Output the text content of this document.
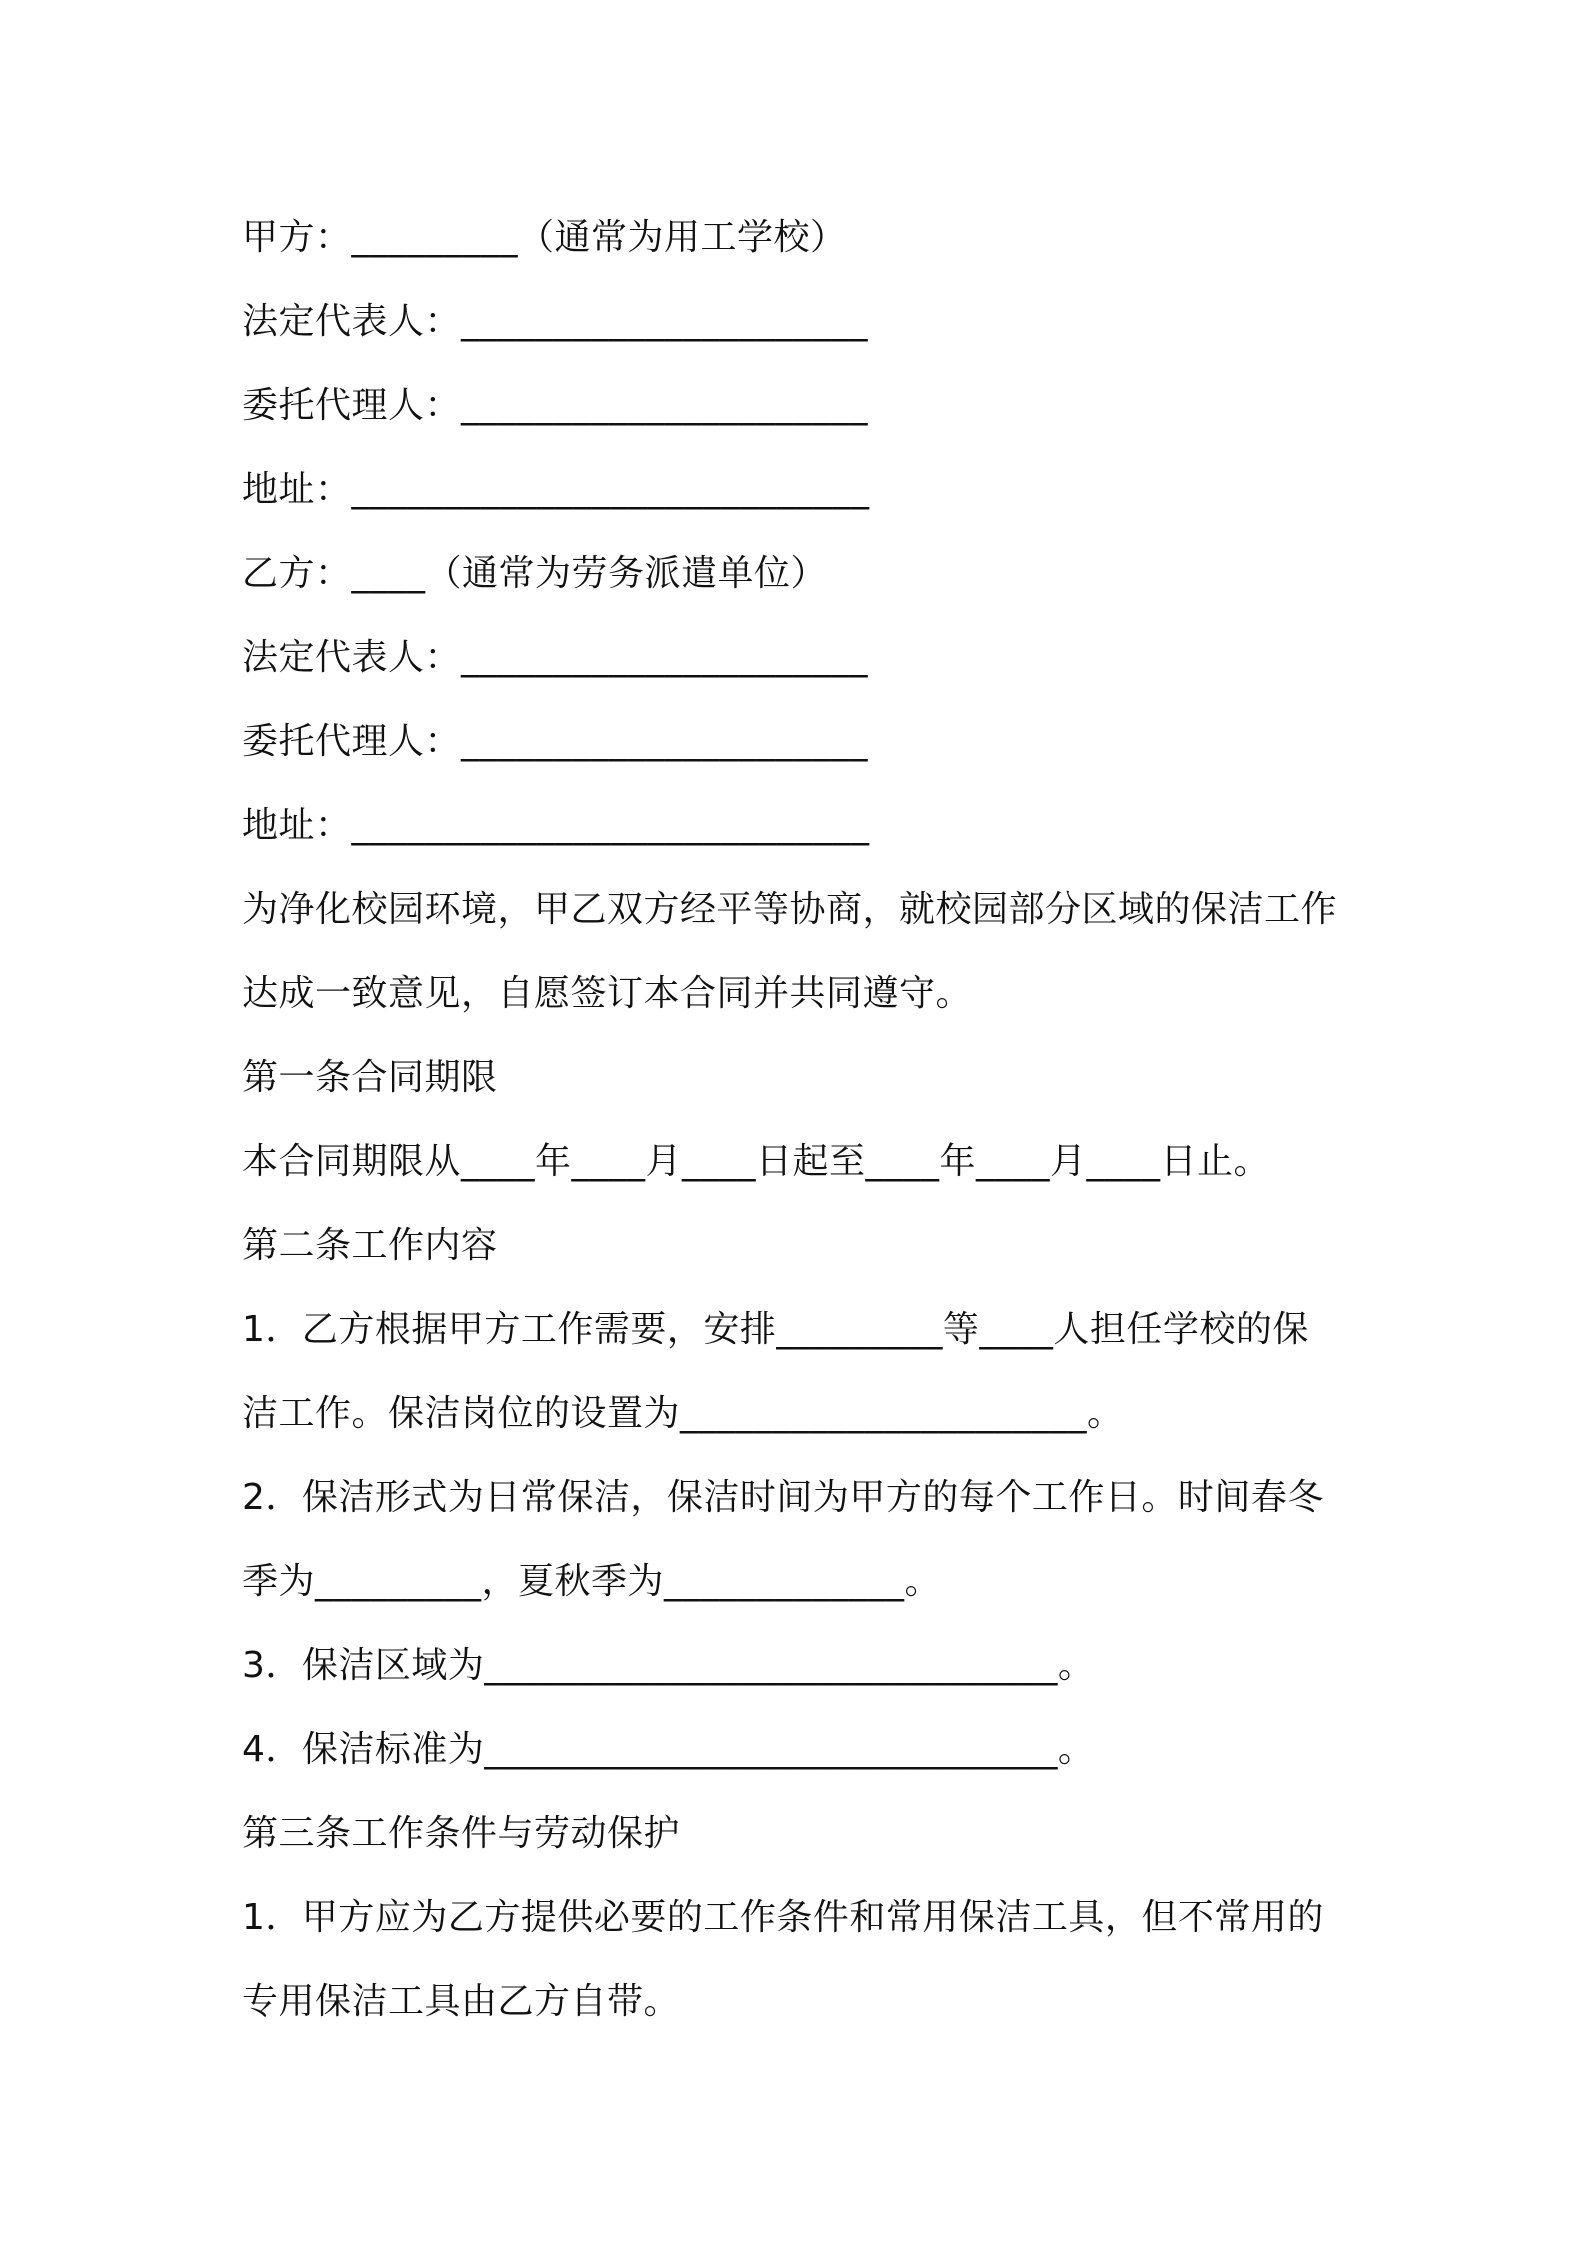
甲方：_________（通常为用工学校）
法定代表人：______________________
委托代理人：______________________
地址：____________________________
乙方：____（通常为劳务派遣单位）
法定代表人：______________________
委托代理人：______________________
地址：____________________________
为净化校园环境，甲乙双方经平等协商，就校园部分区域的保洁工作
达成一致意见，自愿签订本合同并共同遵守。
第一条合同期限
本合同期限从____年____月____日起至____年____月____日止。
第二条工作内容
1．乙方根据甲方工作需要，安排_________等____人担任学校的保
洁工作。保洁岗位的设置为______________________。
2．保洁形式为日常保洁，保洁时间为甲方的每个工作日。时间春冬
季为_________，夏秋季为_____________。
3．保洁区域为_______________________________。
4．保洁标准为_______________________________。
第三条工作条件与劳动保护
1．甲方应为乙方提供必要的工作条件和常用保洁工具，但不常用的
专用保洁工具由乙方自带。
